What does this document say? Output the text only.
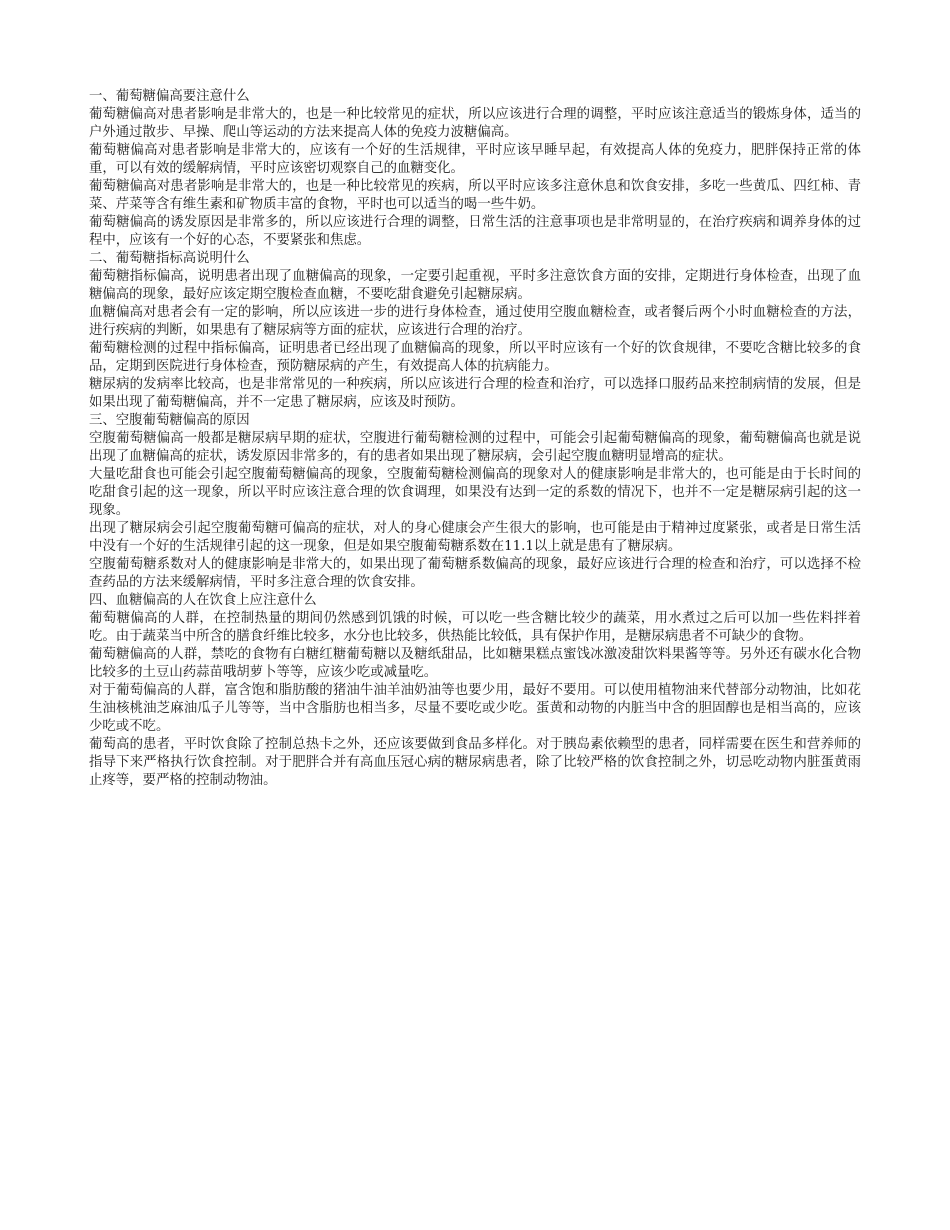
一、葡萄糖偏高要注意什么

葡萄糖偏高对患者影响是非常大的，也是一种比较常见的症状，所以应该进行合理的调整，平时应该注意适当的锻炼身体，适当的户外通过散步、早操、爬山等运动的方法来提高人体的免疫力波糖偏高。

葡萄糖偏高对患者影响是非常大的，应该有一个好的生活规律，平时应该早睡早起，有效提高人体的免疫力，肥胖保持正常的体重，可以有效的缓解病情，平时应该密切观察自己的血糖变化。

葡萄糖偏高对患者影响是非常大的，也是一种比较常见的疾病，所以平时应该多注意休息和饮食安排，多吃一些黄瓜、四红柿、青菜、芹菜等含有维生素和矿物质丰富的食物，平时也可以适当的喝一些牛奶。

葡萄糖偏高的诱发原因是非常多的，所以应该进行合理的调整，日常生活的注意事项也是非常明显的，在治疗疾病和调养身体的过程中，应该有一个好的心态，不要紧张和焦虑。

二、葡萄糖指标高说明什么

葡萄糖指标偏高，说明患者出现了血糖偏高的现象，一定要引起重视，平时多注意饮食方面的安排，定期进行身体检查，出现了血糖偏高的现象，最好应该定期空腹检查血糖，不要吃甜食避免引起糖尿病。

血糖偏高对患者会有一定的影响，所以应该进一步的进行身体检查，通过使用空腹血糖检查，或者餐后两个小时血糖检查的方法，进行疾病的判断，如果患有了糖尿病等方面的症状，应该进行合理的治疗。

葡萄糖检测的过程中指标偏高，证明患者已经出现了血糖偏高的现象，所以平时应该有一个好的饮食规律，不要吃含糖比较多的食品，定期到医院进行身体检查，预防糖尿病的产生，有效提高人体的抗病能力。

糖尿病的发病率比较高，也是非常常见的一种疾病，所以应该进行合理的检查和治疗，可以选择口服药品来控制病情的发展，但是如果出现了葡萄糖偏高，并不一定患了糖尿病，应该及时预防。

三、空腹葡萄糖偏高的原因

空腹葡萄糖偏高一般都是糖尿病早期的症状，空腹进行葡萄糖检测的过程中，可能会引起葡萄糖偏高的现象，葡萄糖偏高也就是说出现了血糖偏高的症状，诱发原因非常多的，有的患者如果出现了糖尿病，会引起空腹血糖明显增高的症状。

大量吃甜食也可能会引起空腹葡萄糖偏高的现象，空腹葡萄糖检测偏高的现象对人的健康影响是非常大的，也可能是由于长时间的吃甜食引起的这一现象，所以平时应该注意合理的饮食调理，如果没有达到一定的系数的情况下，也并不一定是糖尿病引起的这一现象。

出现了糖尿病会引起空腹葡萄糖可偏高的症状，对人的身心健康会产生很大的影响，也可能是由于精神过度紧张，或者是日常生活中没有一个好的生活规律引起的这一现象，但是如果空腹葡萄糖系数在11.1以上就是患有了糖尿病。

空腹葡萄糖系数对人的健康影响是非常大的，如果出现了葡萄糖系数偏高的现象，最好应该进行合理的检查和治疗，可以选择不检查药品的方法来缓解病情，平时多注意合理的饮食安排。

四、血糖偏高的人在饮食上应注意什么

葡萄糖偏高的人群，在控制热量的期间仍然感到饥饿的时候，可以吃一些含糖比较少的蔬菜，用水煮过之后可以加一些佐料拌着吃。由于蔬菜当中所含的膳食纤维比较多，水分也比较多，供热能比较低，具有保护作用，是糖尿病患者不可缺少的食物。

葡萄糖偏高的人群，禁吃的食物有白糖红糖葡萄糖以及糖纸甜品，比如糖果糕点蜜饯冰激凌甜饮料果酱等等。另外还有碳水化合物比较多的土豆山药蒜苗哦胡萝卜等等，应该少吃或减量吃。

对于葡萄偏高的人群，富含饱和脂肪酸的猪油牛油羊油奶油等也要少用，最好不要用。可以使用植物油来代替部分动物油，比如花生油核桃油芝麻油瓜子儿等等，当中含脂肪也相当多，尽量不要吃或少吃。蛋黄和动物的内脏当中含的胆固醇也是相当高的，应该少吃或不吃。

葡萄高的患者，平时饮食除了控制总热卡之外，还应该要做到食品多样化。对于胰岛素依赖型的患者，同样需要在医生和营养师的指导下来严格执行饮食控制。对于肥胖合并有高血压冠心病的糖尿病患者，除了比较严格的饮食控制之外，切忌吃动物内脏蛋黄雨止疼等，要严格的控制动物油。
